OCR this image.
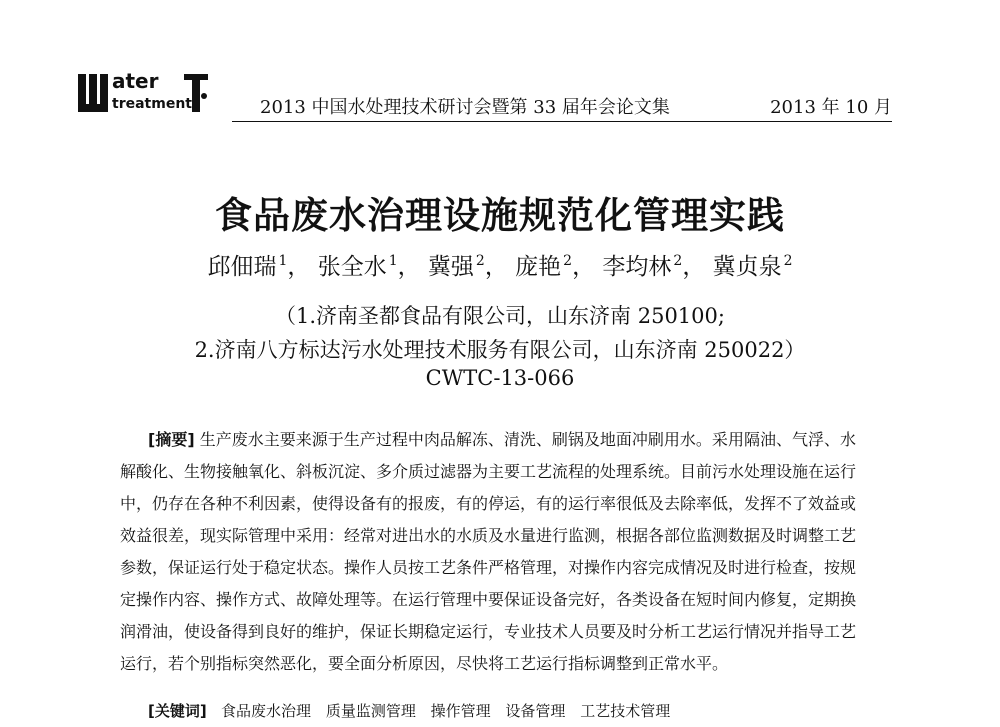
ater
treatment	2013 中国水处理技术研讨会暨第 33 届年会论文集	2013 年 10 月
食品废水治理设施规范化管理实践
邱佃瑞 $^1$， 张全水 $^1$， 冀强 $^2$， 庞艳 $^2$， 李均林 $^2$， 冀贞泉 $^2$
（1.济南圣都食品有限公司，山东济南 250100;
2.济南八方标达污水处理技术服务有限公司，山东济南 250022）
CWTC-13-066

[摘要] 生产废水主要来源于生产过程中肉品解冻、清洗、刷锅及地面冲刷用水。采用隔油、气浮、水解酸化、生物接触氧化、斜板沉淀、多介质过滤器为主要工艺流程的处理系统。目前污水处理设施在运行中，仍存在各种不利因素，使得设备有的报废，有的停运，有的运行率很低及去除率低，发挥不了效益或效益很差，现实际管理中采用：经常对进出水的水质及水量进行监测，根据各部位监测数据及时调整工艺参数，保证运行处于稳定状态。操作人员按工艺条件严格管理，对操作内容完成情况及时进行检查，按规定操作内容、操作方式、故障处理等。在运行管理中要保证设备完好，各类设备在短时间内修复，定期换润滑油，使设备得到良好的维护，保证长期稳定运行，专业技术人员要及时分析工艺运行情况并指导工艺运行，若个别指标突然恶化，要全面分析原因，尽快将工艺运行指标调整到正常水平。

[关键词] 食品废水治理 质量监测管理 操作管理 设备管理 工艺技术管理
